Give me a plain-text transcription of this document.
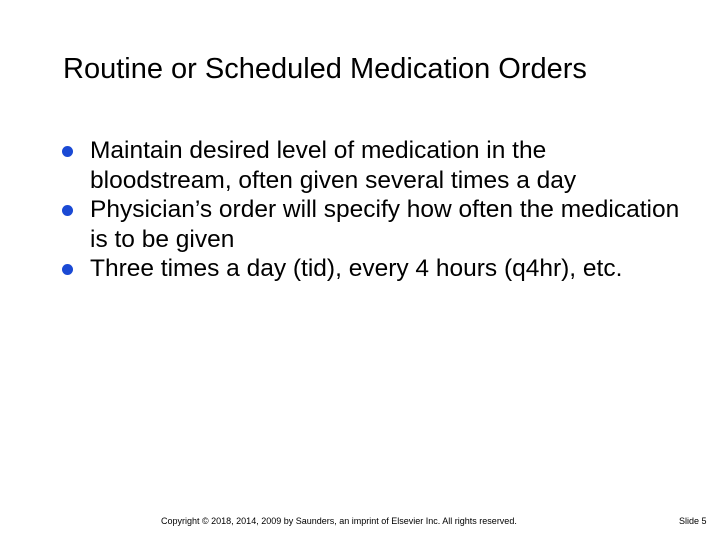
Routine or Scheduled Medication Orders
Maintain desired level of medication in the bloodstream, often given several times a day
Physician’s order will specify how often the medication is to be given
Three times a day (tid), every 4 hours (q4hr), etc.
Copyright © 2018, 2014, 2009 by Saunders, an imprint of Elsevier Inc. All rights reserved.	Slide 5
